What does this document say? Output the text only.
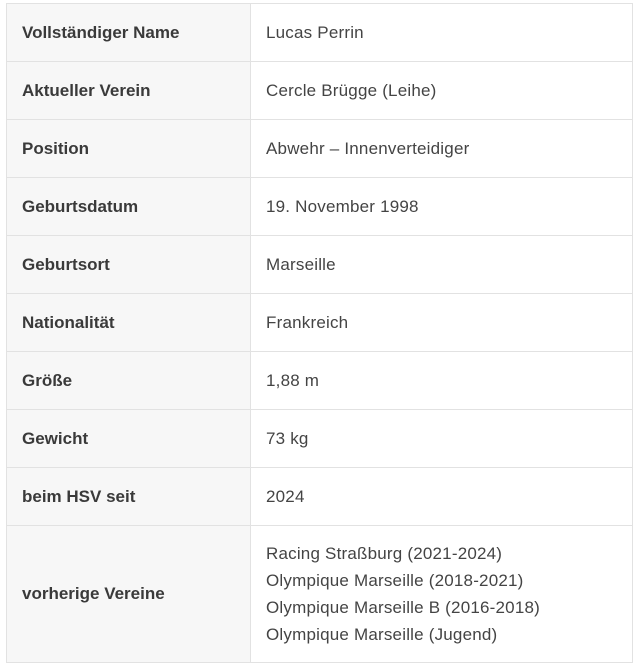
Vollständiger Name	Lucas Perrin
Aktueller Verein	Cercle Brügge (Leihe)
Position	Abwehr – Innenverteidiger
Geburtsdatum	19. November 1998
Geburtsort	Marseille
Nationalität	Frankreich
Größe	1,88 m
Gewicht	73 kg
beim HSV seit	2024
vorherige Vereine	Racing Straßburg (2021-2024)
Olympique Marseille (2018-2021)
Olympique Marseille B (2016-2018)
Olympique Marseille (Jugend)
